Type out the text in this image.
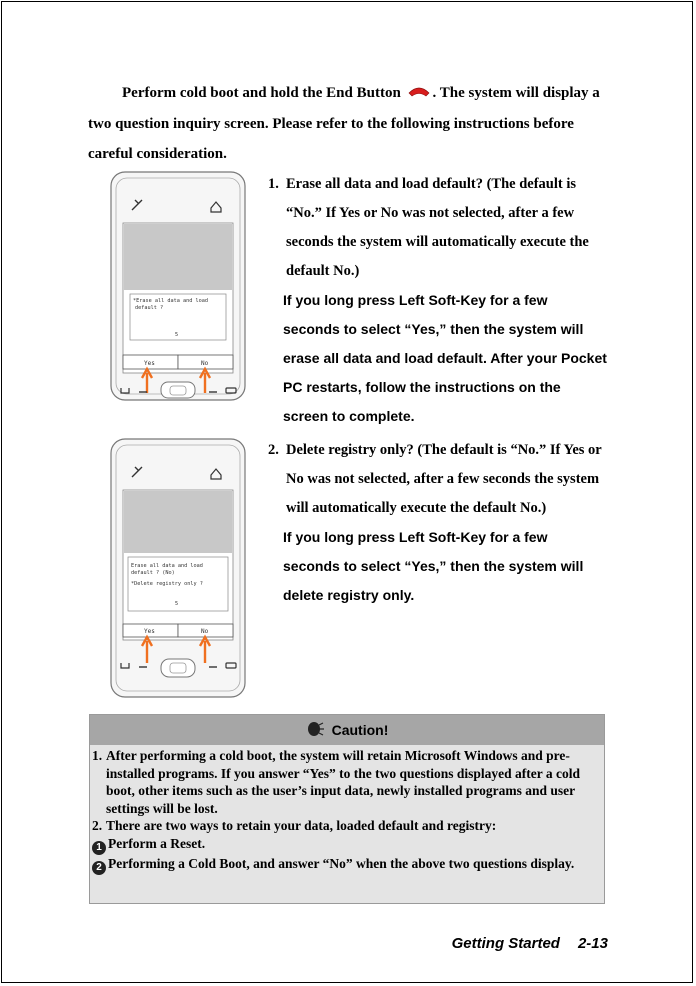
Perform cold boot and hold the End Button . The system will display a two question inquiry screen. Please refer to the following instructions before careful consideration.
*Erase all data and load
default ?
5
Yes	No
Erase all data and load
default ? (No)
*Delete registry only ?
5
Yes	No
1. Erase all data and load default? (The default is “No.” If Yes or No was not selected, after a few seconds the system will automatically execute the default No.)
If you long press Left Soft-Key for a few seconds to select “Yes,” then the system will erase all data and load default. After your Pocket PC restarts, follow the instructions on the screen to complete.
2. Delete registry only? (The default is “No.” If Yes or No was not selected, after a few seconds the system will automatically execute the default No.)
If you long press Left Soft-Key for a few seconds to select “Yes,” then the system will delete registry only.
Caution!
1. After performing a cold boot, the system will retain Microsoft Windows and pre-installed programs. If you answer “Yes” to the two questions displayed after a cold boot, other items such as the user’s input data, newly installed programs and user settings will be lost.
2. There are two ways to retain your data, loaded default and registry:
1 Perform a Reset.
2 Performing a Cold Boot, and answer “No” when the above two questions display.
Getting Started 2-13
